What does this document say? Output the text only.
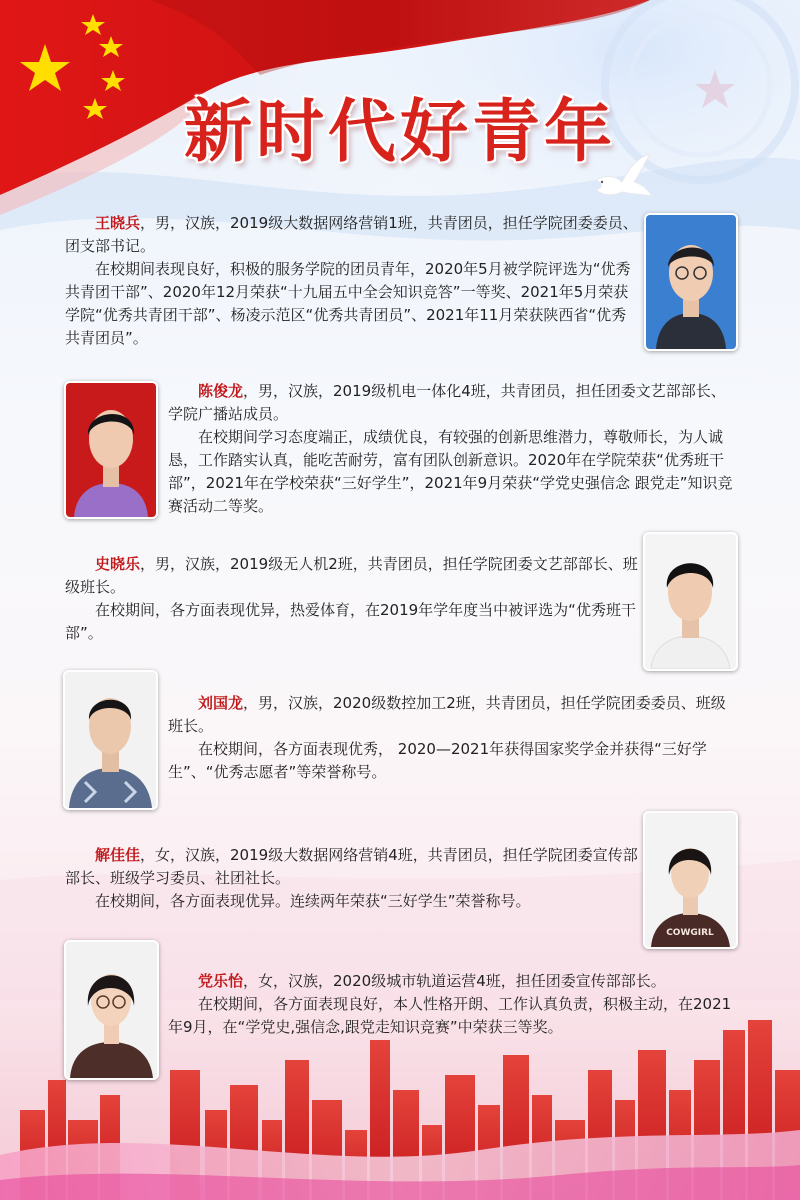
新时代好青年

王晓兵，男，汉族，2019级大数据网络营销1班，共青团员，担任学院团委委员、团支部书记。

在校期间表现良好，积极的服务学院的团员青年，2020年5月被学院评选为“优秀共青团干部”、2020年12月荣获“十九届五中全会知识竞答”一等奖、2021年5月荣获学院“优秀共青团干部”、杨凌示范区“优秀共青团员”、2021年11月荣获陕西省“优秀共青团员”。

陈俊龙，男，汉族，2019级机电一体化4班，共青团员，担任团委文艺部部长、学院广播站成员。

在校期间学习态度端正，成绩优良，有较强的创新思维潜力，尊敬师长，为人诚恳，工作踏实认真，能吃苦耐劳，富有团队创新意识。2020年在学院荣获“优秀班干部”，2021年在学校荣获“三好学生”，2021年9月荣获“学党史强信念 跟党走”知识竞赛活动二等奖。

史晓乐，男，汉族，2019级无人机2班，共青团员，担任学院团委文艺部部长、班级班长。

在校期间，各方面表现优异，热爱体育，在2019年学年度当中被评选为“优秀班干部”。

刘国龙，男，汉族，2020级数控加工2班，共青团员，担任学院团委委员、班级班长。

在校期间，各方面表现优秀， 2020—2021年获得国家奖学金并获得“三好学生”、“优秀志愿者”等荣誉称号。

解佳佳，女，汉族，2019级大数据网络营销4班，共青团员，担任学院团委宣传部部长、班级学习委员、社团社长。

在校期间，各方面表现优异。连续两年荣获“三好学生”荣誉称号。

COWGIRL

党乐怡，女，汉族，2020级城市轨道运营4班，担任团委宣传部部长。

在校期间，各方面表现良好，本人性格开朗、工作认真负责，积极主动，在2021年9月，在“学党史,强信念,跟党走知识竞赛”中荣获三等奖。
